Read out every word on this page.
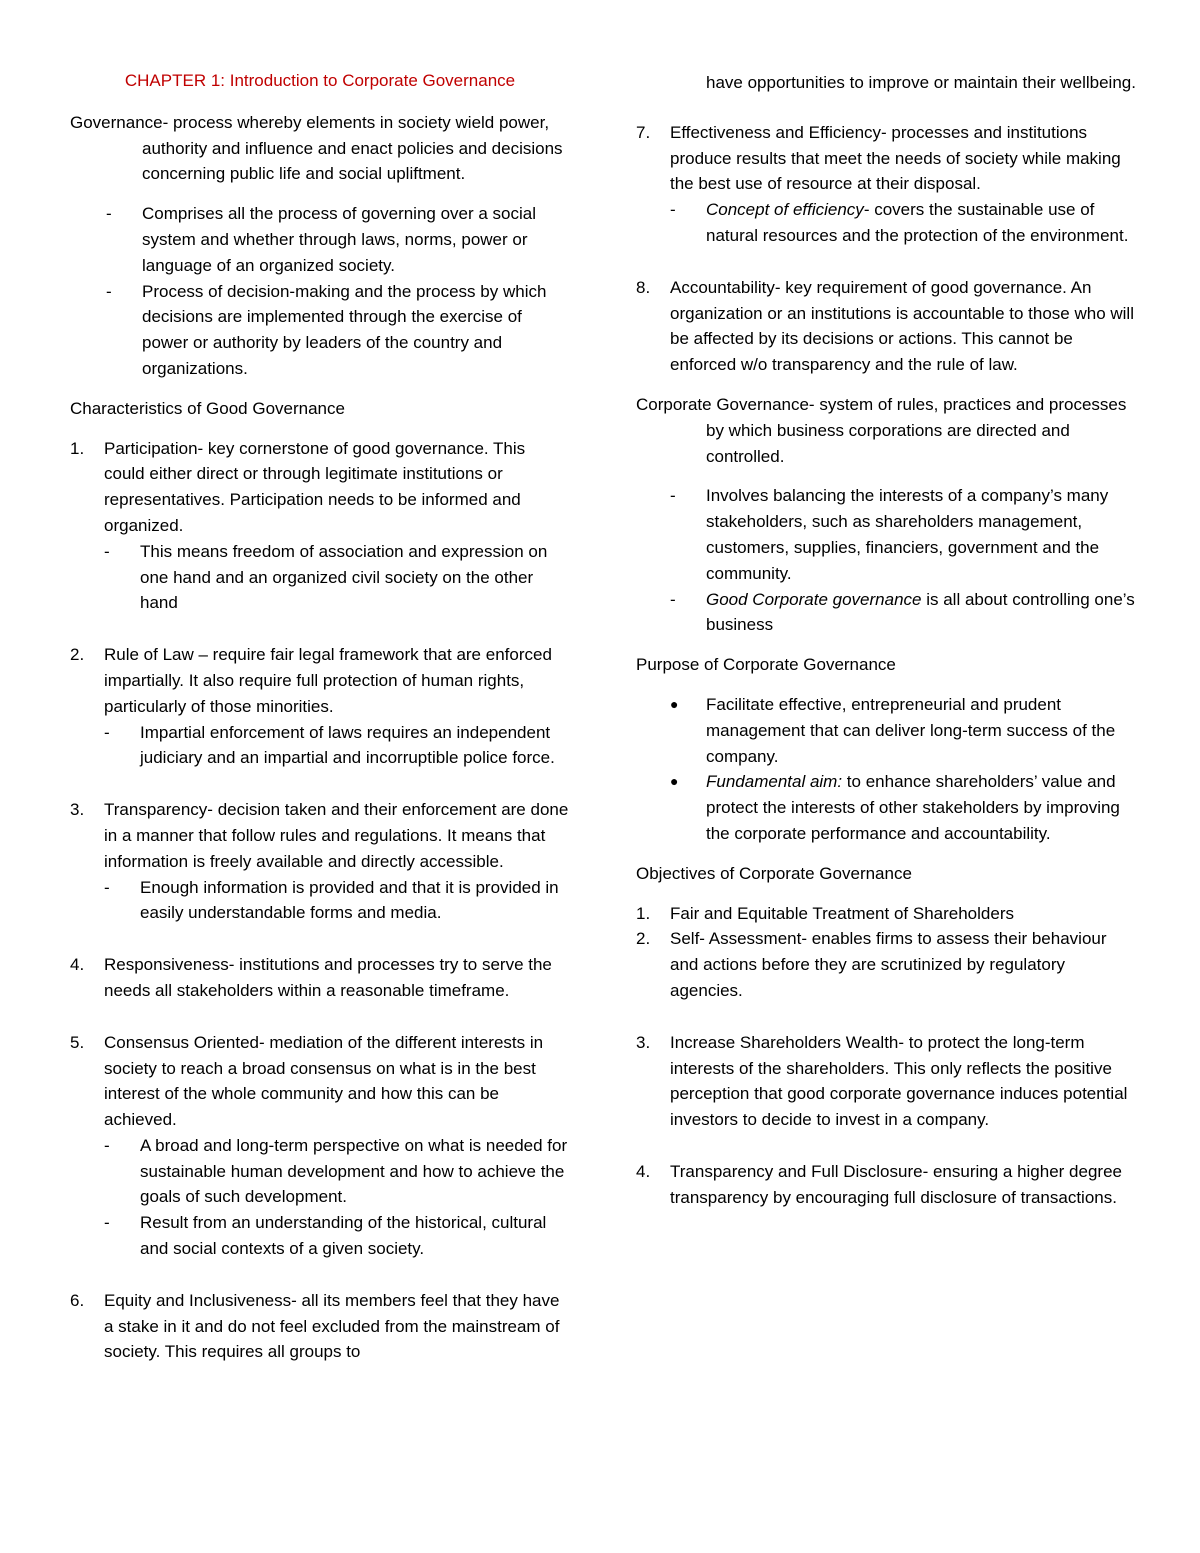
CHAPTER 1: Introduction to Corporate Governance

Governance- process whereby elements in society wield power, authority and influence and enact policies and decisions concerning public life and social upliftment.

-	Comprises all the process of governing over a social system and whether through laws, norms, power or language of an organized society.
-	Process of decision-making and the process by which decisions are implemented through the exercise of power or authority by leaders of the country and organizations.

Characteristics of Good Governance

1.	Participation- key cornerstone of good governance. This could either direct or through legitimate institutions or representatives. Participation needs to be informed and organized.

-	This means freedom of association and expression on one hand and an organized civil society on the other hand
2.	Rule of Law – require fair legal framework that are enforced impartially. It also require full protection of human rights, particularly of those minorities.

-	Impartial enforcement of laws requires an independent judiciary and an impartial and incorruptible police force.
3.	Transparency- decision taken and their enforcement are done in a manner that follow rules and regulations. It means that information is freely available and directly accessible.

-	Enough information is provided and that it is provided in easily understandable forms and media.
4.	Responsiveness- institutions and processes try to serve the needs all stakeholders within a reasonable timeframe.

5.	Consensus Oriented- mediation of the different interests in society to reach a broad consensus on what is in the best interest of the whole community and how this can be achieved.

-	A broad and long-term perspective on what is needed for sustainable human development and how to achieve the goals of such development.
-	Result from an understanding of the historical, cultural and social contexts of a given society.
6.	Equity and Inclusiveness- all its members feel that they have a stake in it and do not feel excluded from the mainstream of society. This requires all groups to

have opportunities to improve or maintain their wellbeing.

7.	Effectiveness and Efficiency- processes and institutions produce results that meet the needs of society while making the best use of resource at their disposal.

-	Concept of efficiency- covers the sustainable use of natural resources and the protection of the environment.
8.	Accountability- key requirement of good governance. An organization or an institutions is accountable to those who will be affected by its decisions or actions. This cannot be enforced w/o transparency and the rule of law.

Corporate Governance- system of rules, practices and processes by which business corporations are directed and controlled.

-	Involves balancing the interests of a company’s many stakeholders, such as shareholders management, customers, supplies, financiers, government and the community.
-	Good Corporate governance is all about controlling one’s business

Purpose of Corporate Governance

● Facilitate effective, entrepreneurial and prudent management that can deliver long-term success of the company.
● Fundamental aim: to enhance shareholders’ value and protect the interests of other stakeholders by improving the corporate performance and accountability.

Objectives of Corporate Governance

1.	Fair and Equitable Treatment of Shareholders

2.	Self- Assessment- enables firms to assess their behaviour and actions before they are scrutinized by regulatory agencies.

3.	Increase Shareholders Wealth- to protect the long-term interests of the shareholders. This only reflects the positive perception that good corporate governance induces potential investors to decide to invest in a company.

4.	Transparency and Full Disclosure- ensuring a higher degree transparency by encouraging full disclosure of transactions.
